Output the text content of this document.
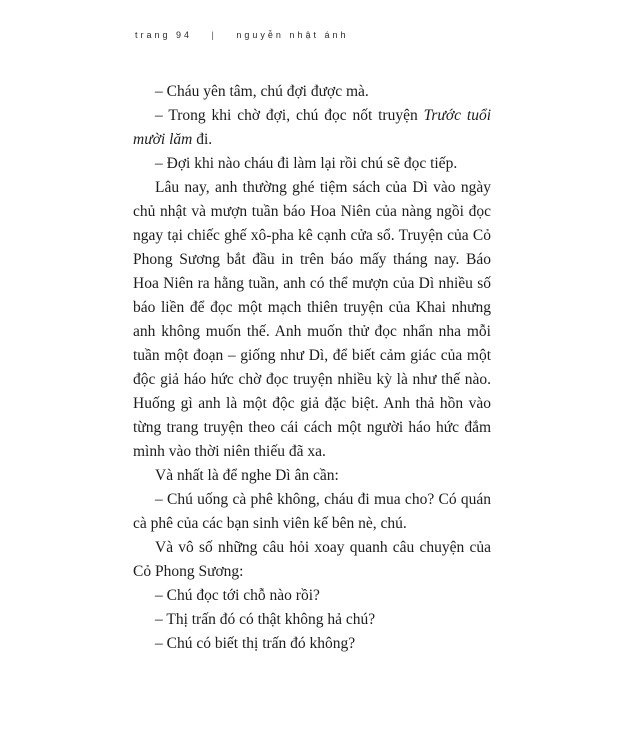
trang 94 | nguyễn nhật ánh

– Cháu yên tâm, chú đợi được mà.

– Trong khi chờ đợi, chú đọc nốt truyện Trước tuổi mười lăm đi.

– Đợi khi nào cháu đi làm lại rồi chú sẽ đọc tiếp.

Lâu nay, anh thường ghé tiệm sách của Dì vào ngày chủ nhật và mượn tuần báo Hoa Niên của nàng ngồi đọc ngay tại chiếc ghế xô-pha kê cạnh cửa sổ. Truyện của Cỏ Phong Sương bắt đầu in trên báo mấy tháng nay. Báo Hoa Niên ra hằng tuần, anh có thể mượn của Dì nhiều số báo liền để đọc một mạch thiên truyện của Khai nhưng anh không muốn thế. Anh muốn thử đọc nhẩn nha mỗi tuần một đoạn – giống như Dì, để biết cảm giác của một độc giả háo hức chờ đọc truyện nhiều kỳ là như thế nào. Huống gì anh là một độc giả đặc biệt. Anh thả hồn vào từng trang truyện theo cái cách một người háo hức đắm mình vào thời niên thiếu đã xa.

Và nhất là để nghe Dì ân cần:

– Chú uống cà phê không, cháu đi mua cho? Có quán cà phê của các bạn sinh viên kế bên nè, chú.

Và vô số những câu hỏi xoay quanh câu chuyện của Cỏ Phong Sương:

– Chú đọc tới chỗ nào rồi?

– Thị trấn đó có thật không hả chú?

– Chú có biết thị trấn đó không?
